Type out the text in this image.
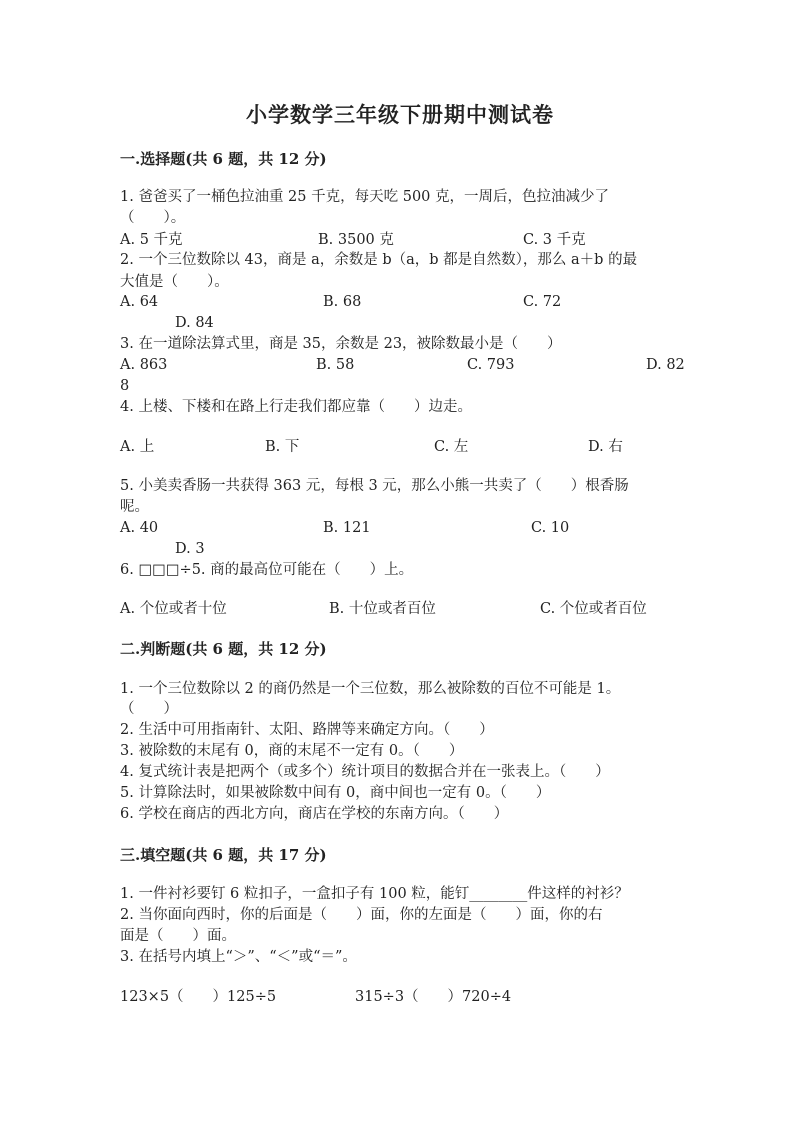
小学数学三年级下册期中测试卷
一.选择题(共 6 题，共 12 分)
1. 爸爸买了一桶色拉油重 25 千克，每天吃 500 克，一周后，色拉油减少了
（　　）。
A. 5 千克	B. 3500 克	C. 3 千克
2. 一个三位数除以 43，商是 a，余数是 b（a，b 都是自然数），那么 a＋b 的最
大值是（　　）。
A. 64	B. 68	C. 72
D. 84
3. 在一道除法算式里，商是 35，余数是 23，被除数最小是（　　）
A. 863	B. 58	C. 793	D. 82
8
4. 上楼、下楼和在路上行走我们都应靠（　　）边走。
A. 上	B. 下	C. 左	D. 右
5. 小美卖香肠一共获得 363 元，每根 3 元，那么小熊一共卖了（　　）根香肠
呢。
A. 40	B. 121	C. 10
D. 3
6. □□□÷5. 商的最高位可能在（　　）上。
A. 个位或者十位	B. 十位或者百位	C. 个位或者百位
二.判断题(共 6 题，共 12 分)
1. 一个三位数除以 2 的商仍然是一个三位数，那么被除数的百位不可能是 1。
（　　）
2. 生活中可用指南针、太阳、路牌等来确定方向。（　　）
3. 被除数的末尾有 0，商的末尾不一定有 0。（　　）
4. 复式统计表是把两个（或多个）统计项目的数据合并在一张表上。（　　）
5. 计算除法时，如果被除数中间有 0，商中间也一定有 0。（　　）
6. 学校在商店的西北方向，商店在学校的东南方向。（　　）
三.填空题(共 6 题，共 17 分)
1. 一件衬衫要钉 6 粒扣子，一盒扣子有 100 粒，能钉________件这样的衬衫？
2. 当你面向西时，你的后面是（　　）面，你的左面是（　　）面，你的右
面是（　　）面。
3. 在括号内填上“＞”、“＜”或“＝”。
123×5（　　）125÷5	315÷3（　　）720÷4
